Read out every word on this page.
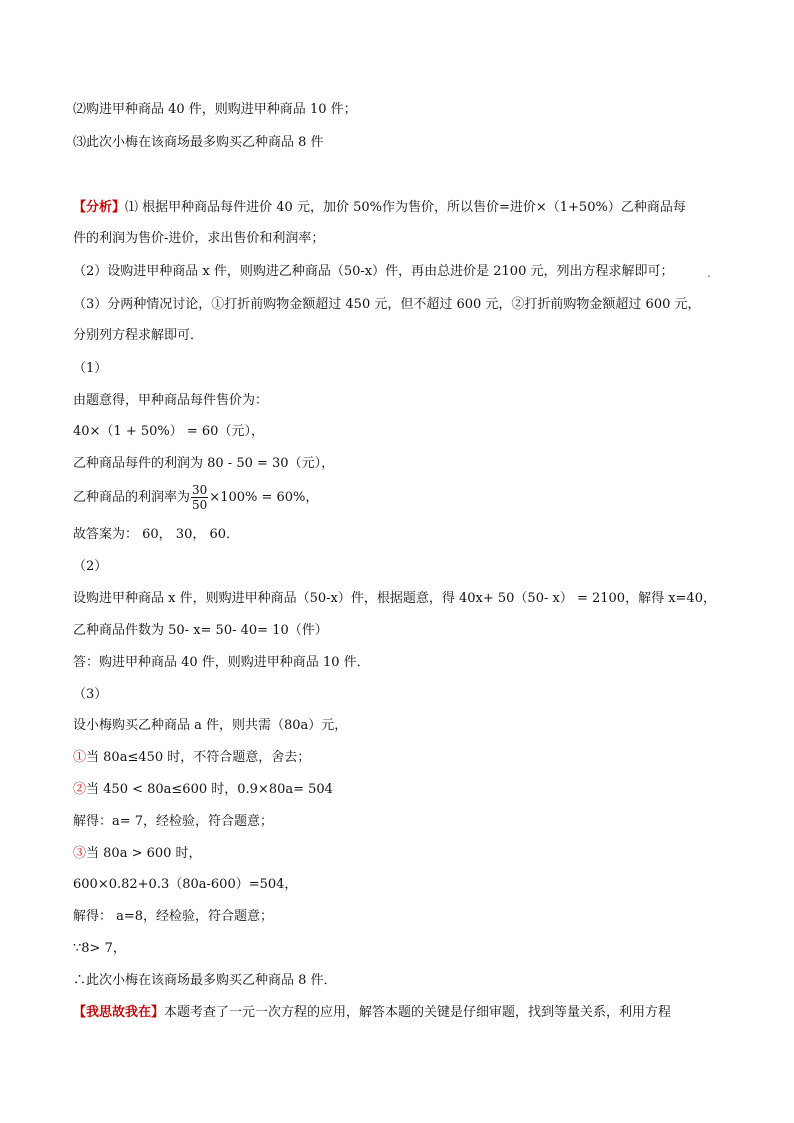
⑵购进甲种商品 40 件，则购进甲种商品 10 件；
⑶此次小梅在该商场最多购买乙种商品 8 件
【分析】⑴ 根据甲种商品每件进价 40 元，加价 50%作为售价，所以售价=进价×（1+50%）乙种商品每
件的利润为售价-进价，求出售价和利润率；
（2）设购进甲种商品 x 件，则购进乙种商品（50-x）件，再由总进价是 2100 元，列出方程求解即可；	.
（3）分两种情况讨论，①打折前购物金额超过 450 元，但不超过 600 元，②打折前购物金额超过 600 元，
分别列方程求解即可．
（1）
由题意得，甲种商品每件售价为：
40×（1 + 50%） = 60（元），
乙种商品每件的利润为 80 - 50 = 30（元），
乙种商品的利润率为 $\frac{30}{50} \times 100\% = 60\%$，
故答案为： 60， 30， 60．
（2）
设购进甲种商品 x 件，则购进甲种商品（50-x）件，根据题意，得 40x+ 50（50- x） = 2100，解得 x=40，
乙种商品件数为 50- x= 50- 40= 10（件）
答：购进甲种商品 40 件，则购进甲种商品 10 件．
（3）
设小梅购买乙种商品 a 件，则共需（80a）元，
①当 80a≤450 时，不符合题意，舍去；
②当 450 < 80a≤600 时，0.9×80a= 504
解得：a= 7，经检验，符合题意；
③当 80a > 600 时，
600×0.82+0.3（80a-600）=504，
解得： a=8，经检验，符合题意；
∵8> 7，
∴此次小梅在该商场最多购买乙种商品 8 件．
【我思故我在】本题考查了一元一次方程的应用，解答本题的关键是仔细审题，找到等量关系，利用方程
